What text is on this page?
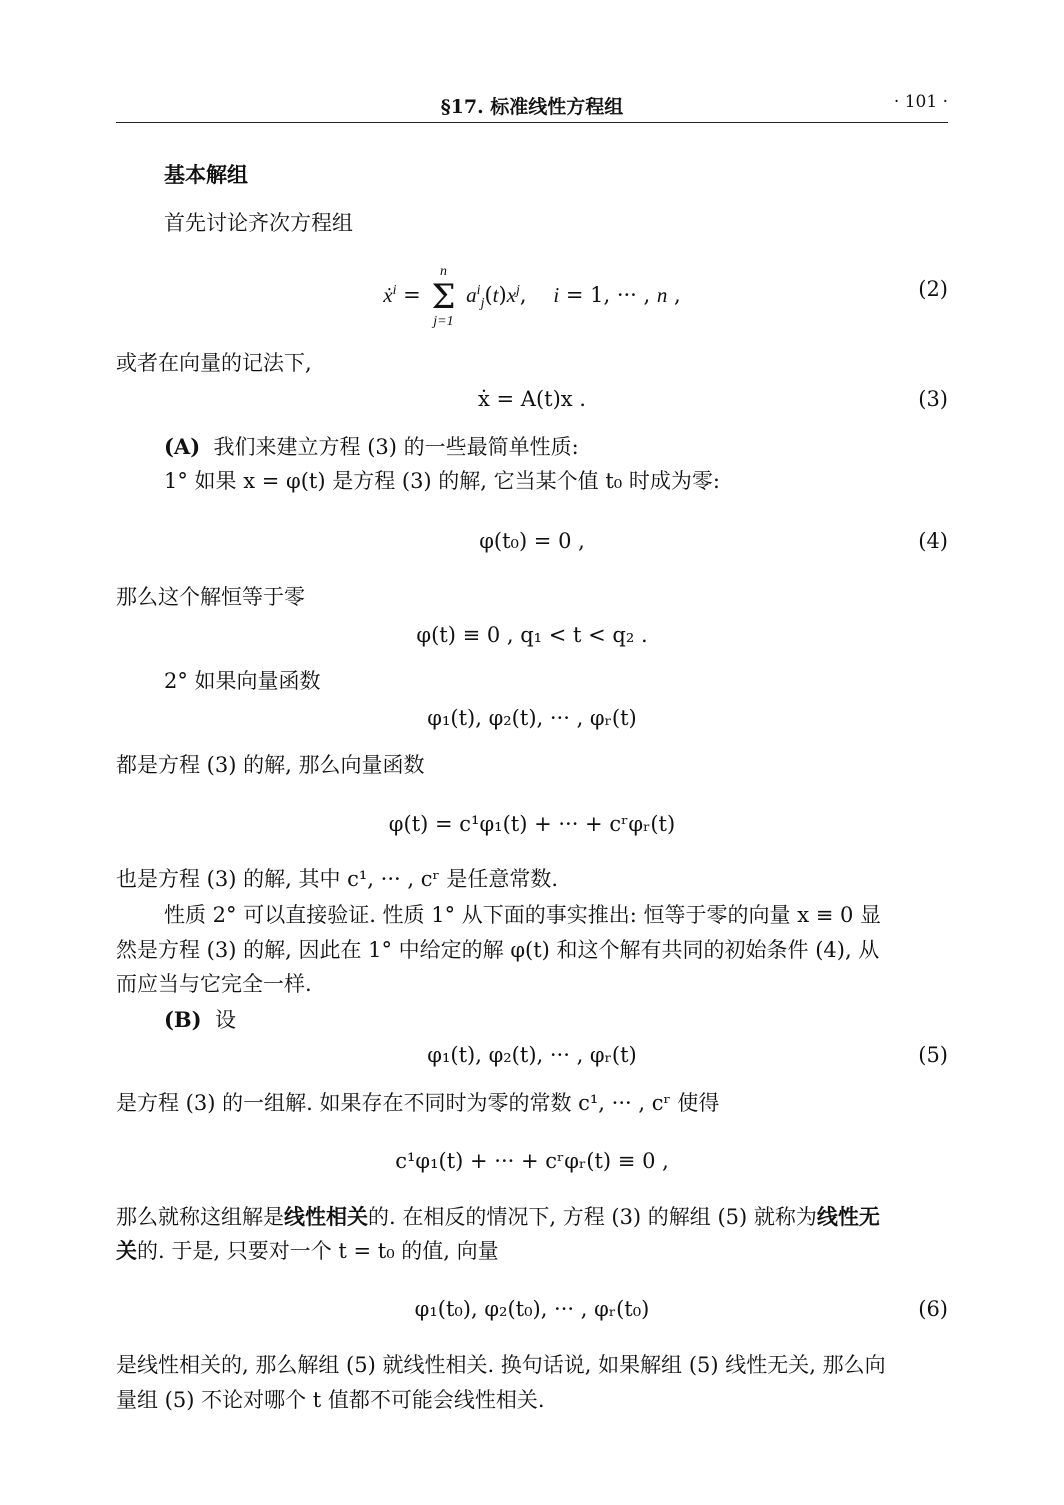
§17. 标准线性方程组	· 101 ·
基本解组
首先讨论齐次方程组
ẋ$^i$ =
n
Σ
j=1
$a^i_j(t)x^j$,    i = 1, ··· , n ,	(2)
或者在向量的记法下,
ẋ = A(t)x .	(3)
(A) 我们来建立方程 (3) 的一些最简单性质:
1° 如果 x = φ(t) 是方程 (3) 的解, 它当某个值 t₀ 时成为零:
φ(t₀) = 0 ,	(4)
那么这个解恒等于零
φ(t) ≡ 0 , q₁ < t < q₂ .
2° 如果向量函数
φ₁(t), φ₂(t), ··· , φᵣ(t)
都是方程 (3) 的解, 那么向量函数
φ(t) = c¹φ₁(t) + ··· + cʳφᵣ(t)
也是方程 (3) 的解, 其中 c¹, ··· , cʳ 是任意常数.
性质 2° 可以直接验证. 性质 1° 从下面的事实推出: 恒等于零的向量 x ≡ 0 显
然是方程 (3) 的解, 因此在 1° 中给定的解 φ(t) 和这个解有共同的初始条件 (4), 从
而应当与它完全一样.
(B) 设
φ₁(t), φ₂(t), ··· , φᵣ(t)	(5)
是方程 (3) 的一组解. 如果存在不同时为零的常数 c¹, ··· , cʳ 使得
c¹φ₁(t) + ··· + cʳφᵣ(t) ≡ 0 ,
那么就称这组解是线性相关的. 在相反的情况下, 方程 (3) 的解组 (5) 就称为线性无
关的. 于是, 只要对一个 t = t₀ 的值, 向量
φ₁(t₀), φ₂(t₀), ··· , φᵣ(t₀)	(6)
是线性相关的, 那么解组 (5) 就线性相关. 换句话说, 如果解组 (5) 线性无关, 那么向
量组 (5) 不论对哪个 t 值都不可能会线性相关.
